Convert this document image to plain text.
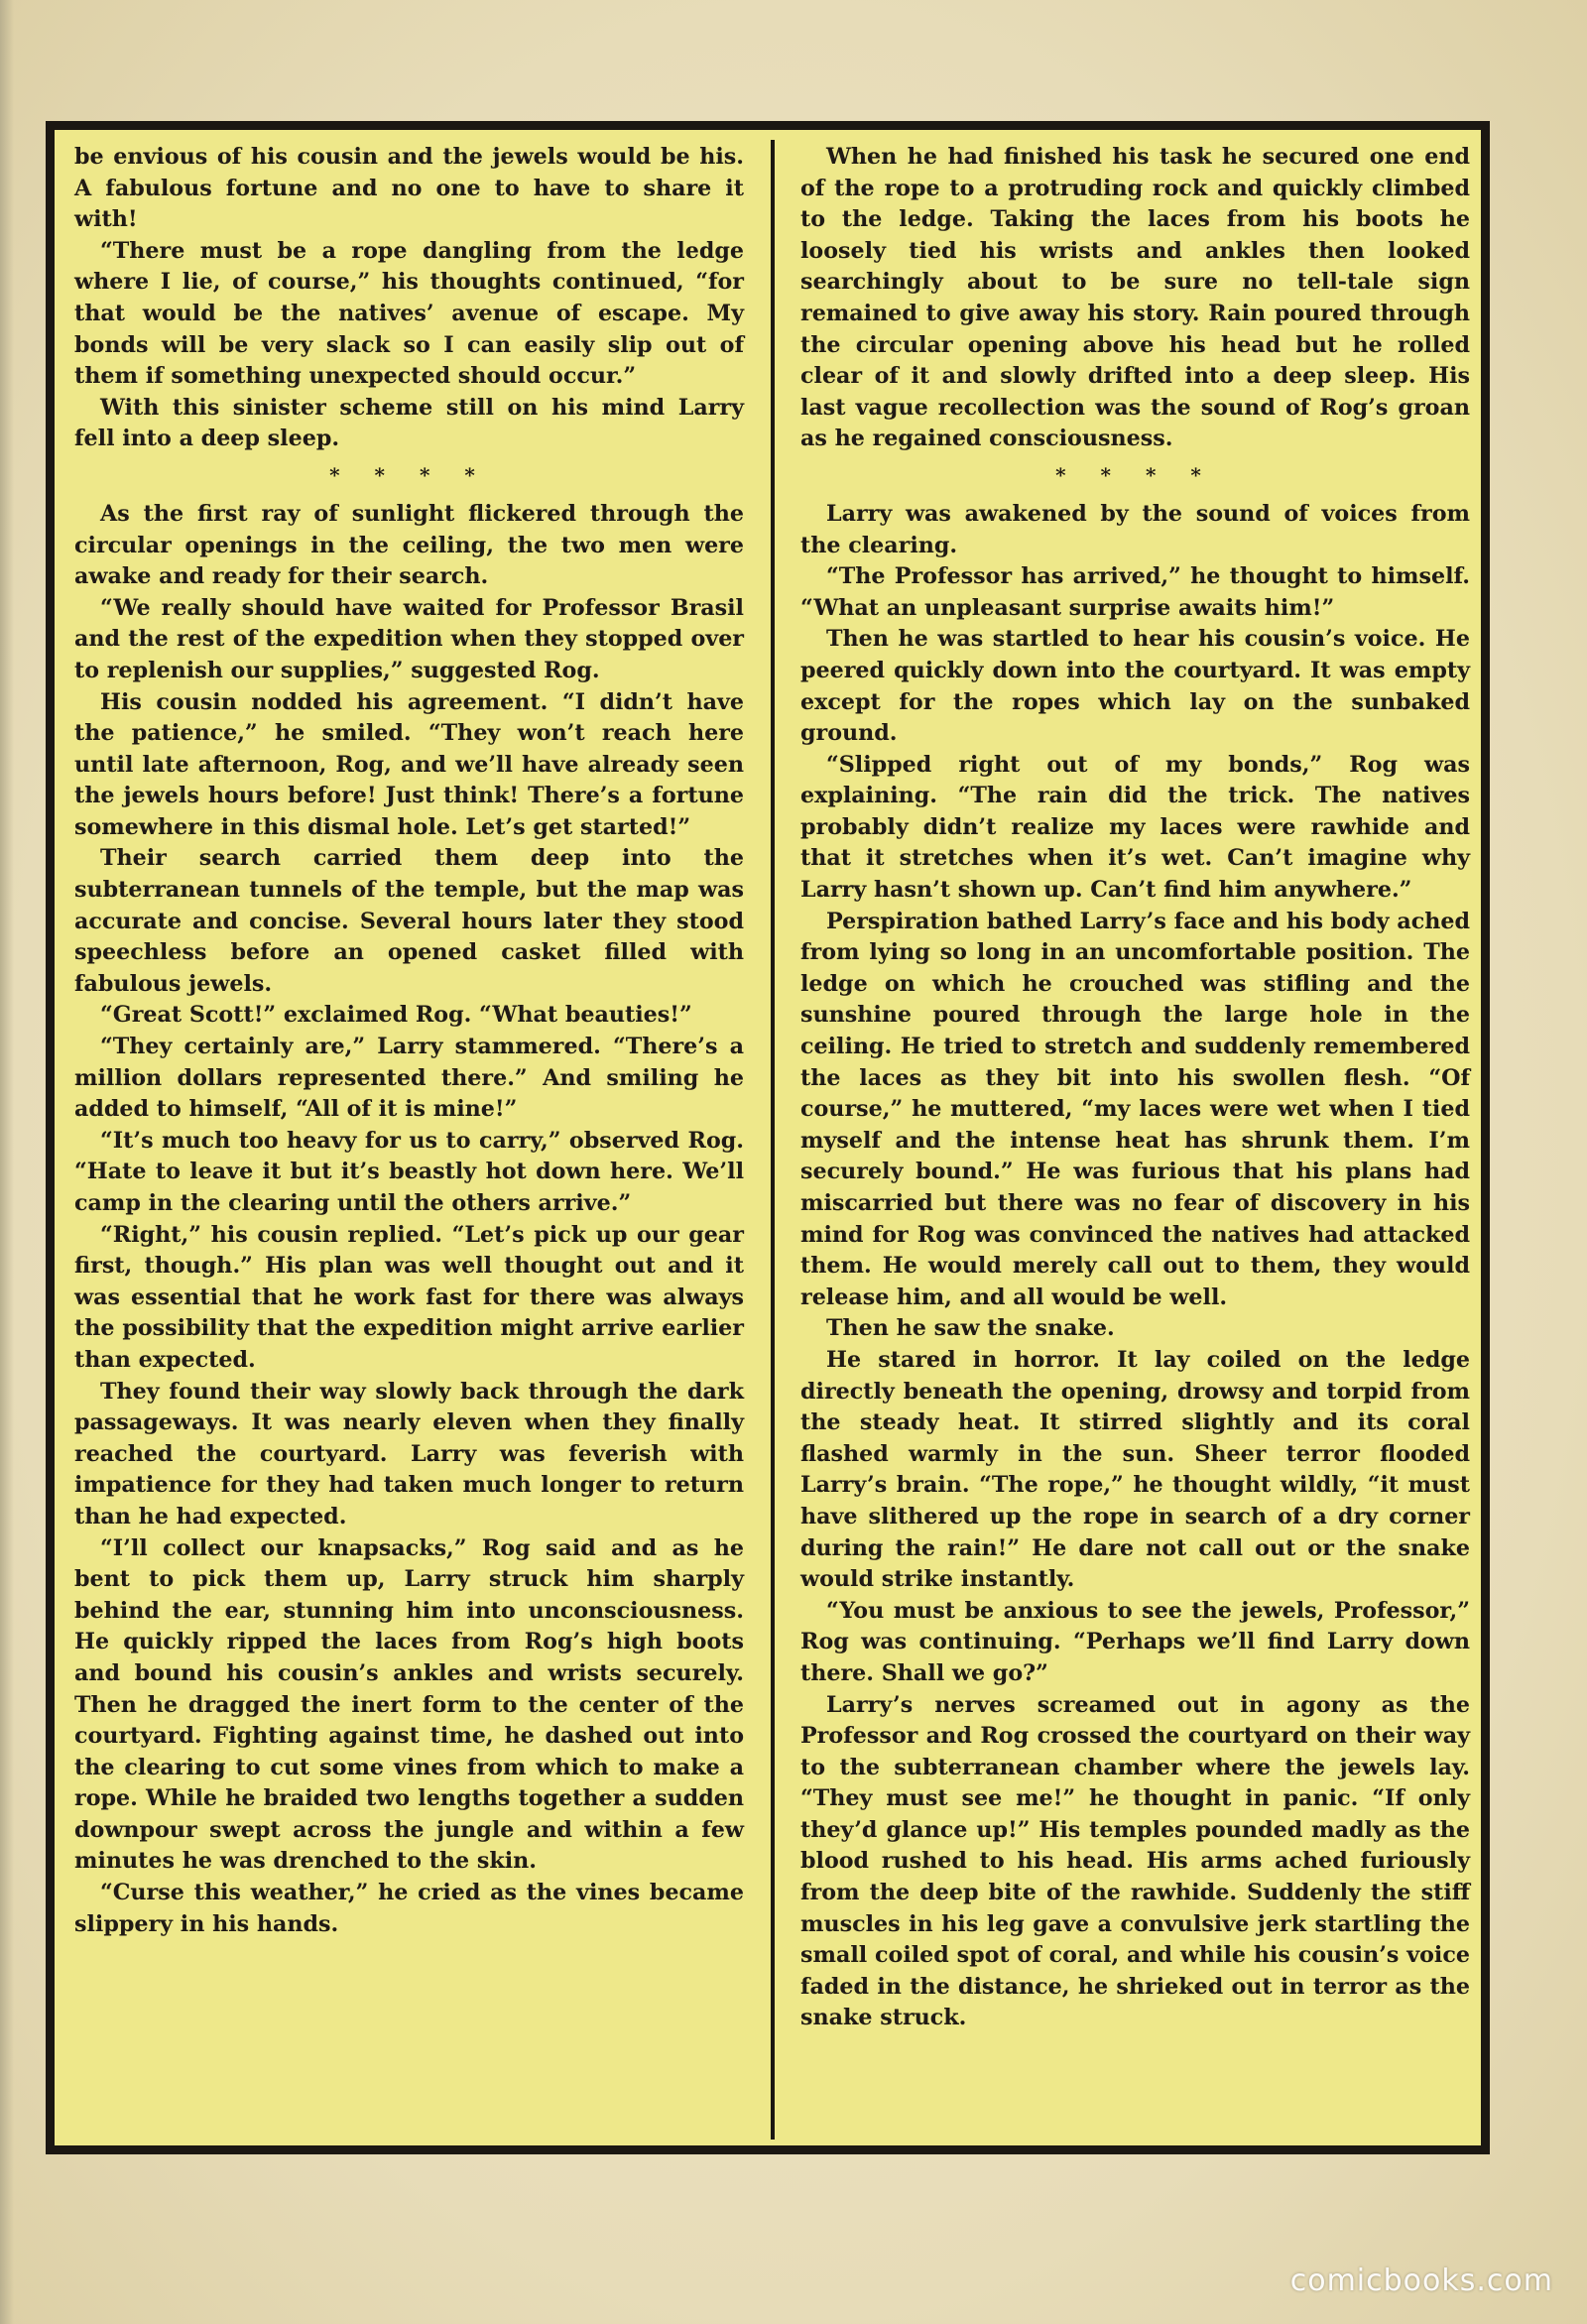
be envious of his cousin and the jewels would be his. A fabulous fortune and no one to have to share it with!

“There must be a rope dangling from the ledge where I lie, of course,” his thoughts continued, “for that would be the natives’ avenue of escape. My bonds will be very slack so I can easily slip out of them if something unexpected should occur.”

With this sinister scheme still on his mind Larry fell into a deep sleep.

* * * *

As the first ray of sunlight flickered through the circular openings in the ceiling, the two men were awake and ready for their search.

“We really should have waited for Professor Brasil and the rest of the expedition when they stopped over to replenish our supplies,” suggested Rog.

His cousin nodded his agreement. “I didn’t have the patience,” he smiled. “They won’t reach here until late afternoon, Rog, and we’ll have already seen the jewels hours before! Just think! There’s a fortune somewhere in this dismal hole. Let’s get started!”

Their search carried them deep into the subterranean tunnels of the temple, but the map was accurate and concise. Several hours later they stood speechless before an opened casket filled with fabulous jewels.

“Great Scott!” exclaimed Rog. “What beauties!”

“They certainly are,” Larry stammered. “There’s a million dollars represented there.” And smiling he added to himself, “All of it is mine!”

“It’s much too heavy for us to carry,” observed Rog. “Hate to leave it but it’s beastly hot down here. We’ll camp in the clearing until the others arrive.”

“Right,” his cousin replied. “Let’s pick up our gear first, though.” His plan was well thought out and it was essential that he work fast for there was always the possibility that the expedition might arrive earlier than expected.

They found their way slowly back through the dark passageways. It was nearly eleven when they finally reached the courtyard. Larry was feverish with impatience for they had taken much longer to return than he had expected.

“I’ll collect our knapsacks,” Rog said and as he bent to pick them up, Larry struck him sharply behind the ear, stunning him into unconsciousness. He quickly ripped the laces from Rog’s high boots and bound his cousin’s ankles and wrists securely. Then he dragged the inert form to the center of the courtyard. Fighting against time, he dashed out into the clearing to cut some vines from which to make a rope. While he braided two lengths together a sudden downpour swept across the jungle and within a few minutes he was drenched to the skin.

“Curse this weather,” he cried as the vines became slippery in his hands.

When he had finished his task he secured one end of the rope to a protruding rock and quickly climbed to the ledge. Taking the laces from his boots he loosely tied his wrists and ankles then looked searchingly about to be sure no tell-tale sign remained to give away his story. Rain poured through the circular opening above his head but he rolled clear of it and slowly drifted into a deep sleep. His last vague recollection was the sound of Rog’s groan as he regained consciousness.

* * * *

Larry was awakened by the sound of voices from the clearing.

“The Professor has arrived,” he thought to himself. “What an unpleasant surprise awaits him!”

Then he was startled to hear his cousin’s voice. He peered quickly down into the courtyard. It was empty except for the ropes which lay on the sunbaked ground.

“Slipped right out of my bonds,” Rog was explaining. “The rain did the trick. The natives probably didn’t realize my laces were rawhide and that it stretches when it’s wet. Can’t imagine why Larry hasn’t shown up. Can’t find him anywhere.”

Perspiration bathed Larry’s face and his body ached from lying so long in an uncomfortable position. The ledge on which he crouched was stifling and the sunshine poured through the large hole in the ceiling. He tried to stretch and suddenly remembered the laces as they bit into his swollen flesh. “Of course,” he muttered, “my laces were wet when I tied myself and the intense heat has shrunk them. I’m securely bound.” He was furious that his plans had miscarried but there was no fear of discovery in his mind for Rog was convinced the natives had attacked them. He would merely call out to them, they would release him, and all would be well.

Then he saw the snake.

He stared in horror. It lay coiled on the ledge directly beneath the opening, drowsy and torpid from the steady heat. It stirred slightly and its coral flashed warmly in the sun. Sheer terror flooded Larry’s brain. “The rope,” he thought wildly, “it must have slithered up the rope in search of a dry corner during the rain!” He dare not call out or the snake would strike instantly.

“You must be anxious to see the jewels, Professor,” Rog was continuing. “Perhaps we’ll find Larry down there. Shall we go?”

Larry’s nerves screamed out in agony as the Professor and Rog crossed the courtyard on their way to the subterranean chamber where the jewels lay. “They must see me!” he thought in panic. “If only they’d glance up!” His temples pounded madly as the blood rushed to his head. His arms ached furiously from the deep bite of the rawhide. Suddenly the stiff muscles in his leg gave a convulsive jerk startling the small coiled spot of coral, and while his cousin’s voice faded in the distance, he shrieked out in terror as the snake struck.

comicbooks.com
